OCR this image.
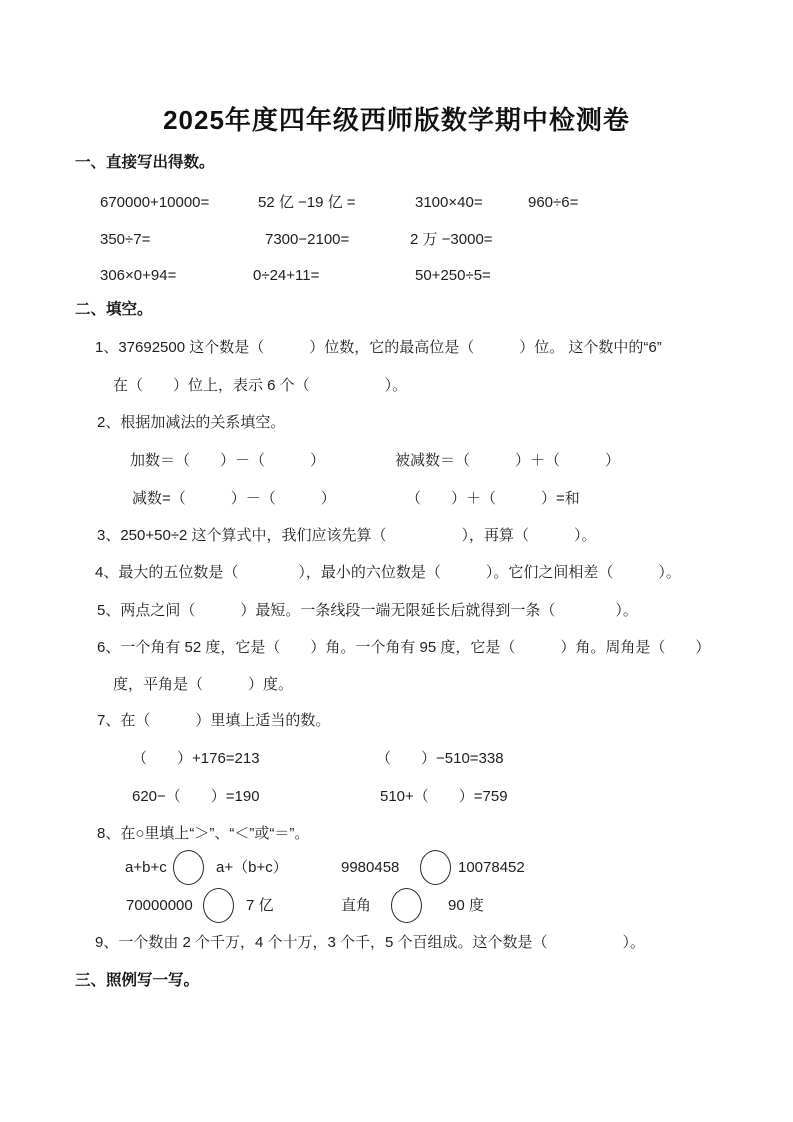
2025年度四年级西师版数学期中检测卷
一、直接写出得数。
670000+10000=	52 亿 −19 亿 =	3100×40=	960÷6=
350÷7=	7300−2100=	2 万 −3000=
306×0+94=	0÷24+11=	50+250÷5=
二、填空。
1、37692500 这个数是（　　　）位数，它的最高位是（　　　）位。 这个数中的“6”
在（　　）位上，表示 6 个（　　　　　）。
2、根据加减法的关系填空。
加数＝（　　）－（　　　）	被减数＝（　　　）＋（　　　）
减数=（　　　）－（　　　）	（　　）＋（　　　）=和
3、250+50÷2 这个算式中，我们应该先算（　　　　　），再算（　　　）。
4、最大的五位数是（　　　　），最小的六位数是（　　　）。它们之间相差（　　　）。
5、两点之间（　　　）最短。一条线段一端无限延长后就得到一条（　　　　）。
6、一个角有 52 度，它是（　　）角。一个角有 95 度，它是（　　　）角。周角是（　　）
度，平角是（　　　）度。
7、在（　　　）里填上适当的数。
（　　）+176=213	（　　）−510=338
620−（　　）=190	510+（　　）=759
8、在○里填上“＞”、“＜”或“＝”。
a+b+c	a+（b+c）	9980458	10078452
70000000	7 亿	直角	90 度
9、一个数由 2 个千万，4 个十万，3 个千，5 个百组成。这个数是（　　　　　）。
三、照例写一写。
